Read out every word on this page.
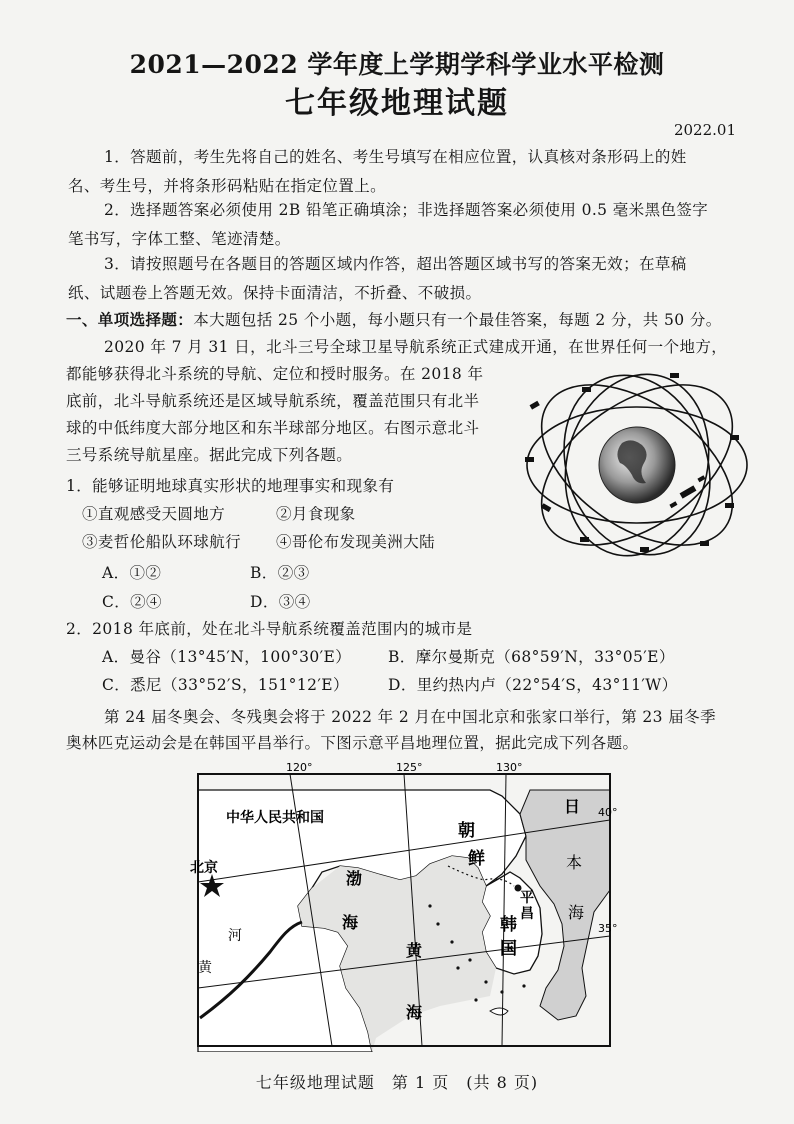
2021—2022 学年度上学期学科学业水平检测
七年级地理试题
2022.01
1．答题前，考生先将自己的姓名、考生号填写在相应位置，认真核对条形码上的姓
名、考生号，并将条形码粘贴在指定位置上。
2．选择题答案必须使用 2B 铅笔正确填涂；非选择题答案必须使用 0.5 毫米黑色签字
笔书写，字体工整、笔迹清楚。
3．请按照题号在各题目的答题区域内作答，超出答题区域书写的答案无效；在草稿
纸、试题卷上答题无效。保持卡面清洁，不折叠、不破损。
一、单项选择题：本大题包括 25 个小题，每小题只有一个最佳答案，每题 2 分，共 50 分。
2020 年 7 月 31 日，北斗三号全球卫星导航系统正式建成开通，在世界任何一个地方，
都能够获得北斗系统的导航、定位和授时服务。在 2018 年
底前，北斗导航系统还是区域导航系统，覆盖范围只有北半
球的中低纬度大部分地区和东半球部分地区。右图示意北斗
三号系统导航星座。据此完成下列各题。
1．能够证明地球真实形状的地理事实和现象有
①直观感受天圆地方	②月食现象
③麦哲伦船队环球航行 ④哥伦布发现美洲大陆
A．①②	B．②③
C．②④	D．③④
2．2018 年底前，处在北斗导航系统覆盖范围内的城市是
A．曼谷（13°45′N，100°30′E） B．摩尔曼斯克（68°59′N，33°05′E）
C．悉尼（33°52′S，151°12′E）	D．里约热内卢（22°54′S，43°11′W）
第 24 届冬奥会、冬残奥会将于 2022 年 2 月在中国北京和张家口举行，第 23 届冬季
奥林匹克运动会是在韩国平昌举行。下图示意平昌地理位置，据此完成下列各题。
120°	125°	130°
40°
35°
中华人民共和国
北京
朝
鲜
渤
海
黄
海
河
黄
平
昌
韩
国
日
本
海
七年级地理试题　第 1 页　(共 8 页)
